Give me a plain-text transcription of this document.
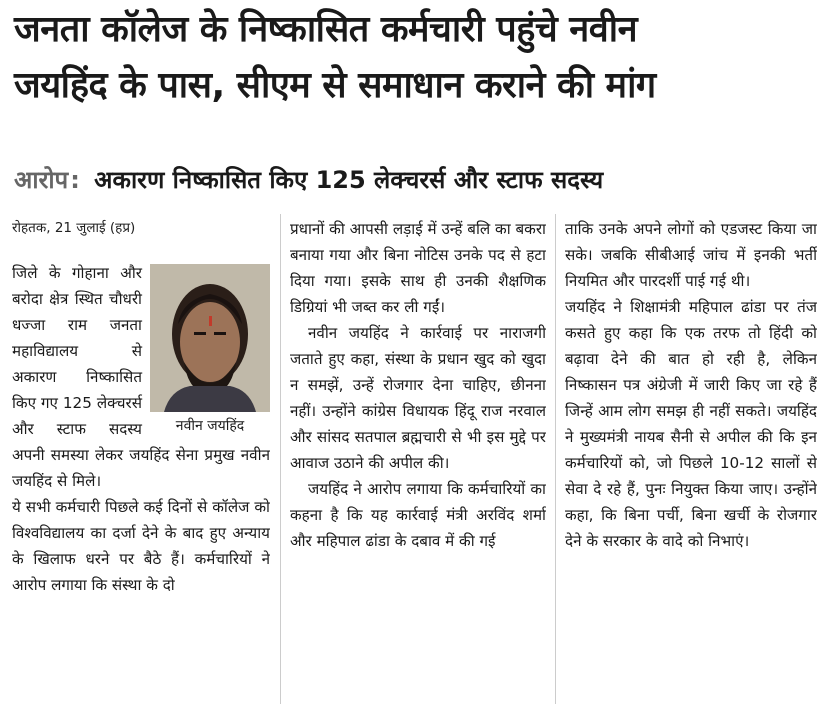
जनता कॉलेज के निष्कासित कर्मचारी पहुंचे नवीन
जयहिंद के पास, सीएम से समाधान कराने की मांग
आरोप: अकारण निष्कासित किए 125 लेक्चरर्स और स्टाफ सदस्य

रोहतक, 21 जुलाई (हप्र)

नवीन जयहिंद

जिले के गोहाना और बरोदा क्षेत्र स्थित चौधरी धज्जा राम जनता महाविद्यालय से अकारण निष्कासित किए गए 125 लेक्चरर्स और स्टाफ सदस्य अपनी समस्या लेकर जयहिंद सेना प्रमुख नवीन जयहिंद से मिले।

ये सभी कर्मचारी पिछले कई दिनों से कॉलेज को विश्वविद्यालय का दर्जा देने के बाद हुए अन्याय के खिलाफ धरने पर बैठे हैं। कर्मचारियों ने आरोप लगाया कि संस्था के दो

प्रधानों की आपसी लड़ाई में उन्हें बलि का बकरा बनाया गया और बिना नोटिस उनके पद से हटा दिया गया। इसके साथ ही उनकी शैक्षणिक डिग्रियां भी जब्त कर ली गईं।

नवीन जयहिंद ने कार्रवाई पर नाराजगी जताते हुए कहा, संस्था के प्रधान खुद को खुदा न समझें, उन्हें रोजगार देना चाहिए, छीनना नहीं। उन्होंने कांग्रेस विधायक हिंदू राज नरवाल और सांसद सतपाल ब्रह्मचारी से भी इस मुद्दे पर आवाज उठाने की अपील की।

जयहिंद ने आरोप लगाया कि कर्मचारियों का कहना है कि यह कार्रवाई मंत्री अरविंद शर्मा और महिपाल ढांडा के दबाव में की गई

ताकि उनके अपने लोगों को एडजस्ट किया जा सके। जबकि सीबीआई जांच में इनकी भर्ती नियमित और पारदर्शी पाई गई थी।

जयहिंद ने शिक्षामंत्री महिपाल ढांडा पर तंज कसते हुए कहा कि एक तरफ तो हिंदी को बढ़ावा देने की बात हो रही है, लेकिन निष्कासन पत्र अंग्रेजी में जारी किए जा रहे हैं जिन्हें आम लोग समझ ही नहीं सकते। जयहिंद ने मुख्यमंत्री नायब सैनी से अपील की कि इन कर्मचारियों को, जो पिछले 10-12 सालों से सेवा दे रहे हैं, पुनः नियुक्त किया जाए। उन्होंने कहा, कि बिना पर्ची, बिना खर्ची के रोजगार देने के सरकार के वादे को निभाएं।
